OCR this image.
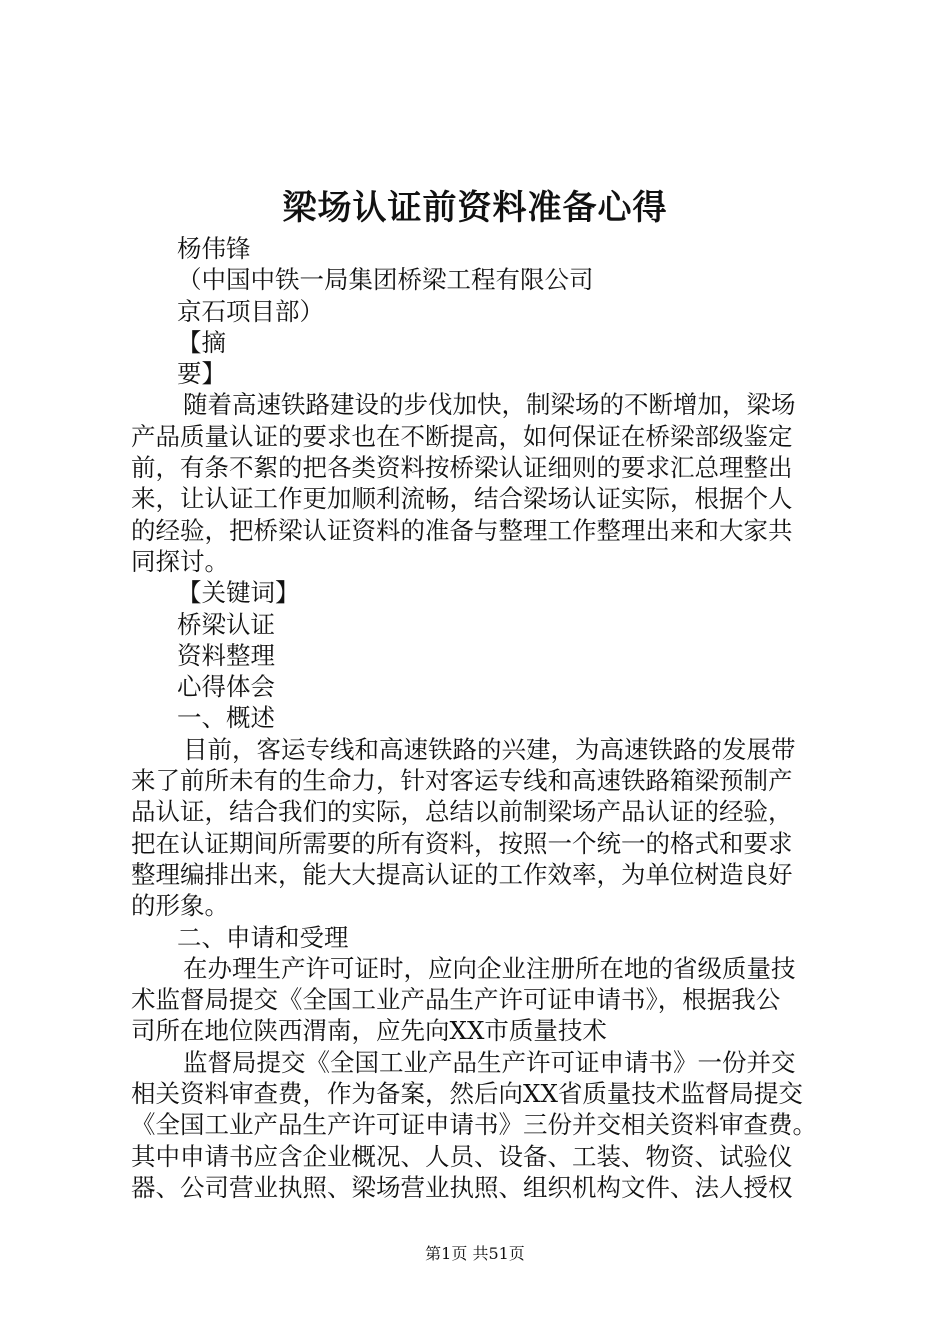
梁场认证前资料准备心得
杨伟锋
（中国中铁一局集团桥梁工程有限公司
京石项目部）
【摘
要】
随着高速铁路建设的步伐加快，制梁场的不断增加，梁场
产品质量认证的要求也在不断提高，如何保证在桥梁部级鉴定
前，有条不絮的把各类资料按桥梁认证细则的要求汇总理整出
来，让认证工作更加顺利流畅，结合梁场认证实际，根据个人
的经验，把桥梁认证资料的准备与整理工作整理出来和大家共
同探讨。
【关键词】
桥梁认证
资料整理
心得体会
一、概述
目前，客运专线和高速铁路的兴建，为高速铁路的发展带
来了前所未有的生命力，针对客运专线和高速铁路箱梁预制产
品认证，结合我们的实际，总结以前制梁场产品认证的经验，
把在认证期间所需要的所有资料，按照一个统一的格式和要求
整理编排出来，能大大提高认证的工作效率，为单位树造良好
的形象。
二、申请和受理
在办理生产许可证时，应向企业注册所在地的省级质量技
术监督局提交《全国工业产品生产许可证申请书》，根据我公
司所在地位陕西渭南，应先向XX市质量技术
监督局提交《全国工业产品生产许可证申请书》一份并交
相关资料审查费，作为备案，然后向XX省质量技术监督局提交
《全国工业产品生产许可证申请书》三份并交相关资料审查费。
其中申请书应含企业概况、人员、设备、工装、物资、试验仪
器、公司营业执照、梁场营业执照、组织机构文件、法人授权
第1页 共51页
